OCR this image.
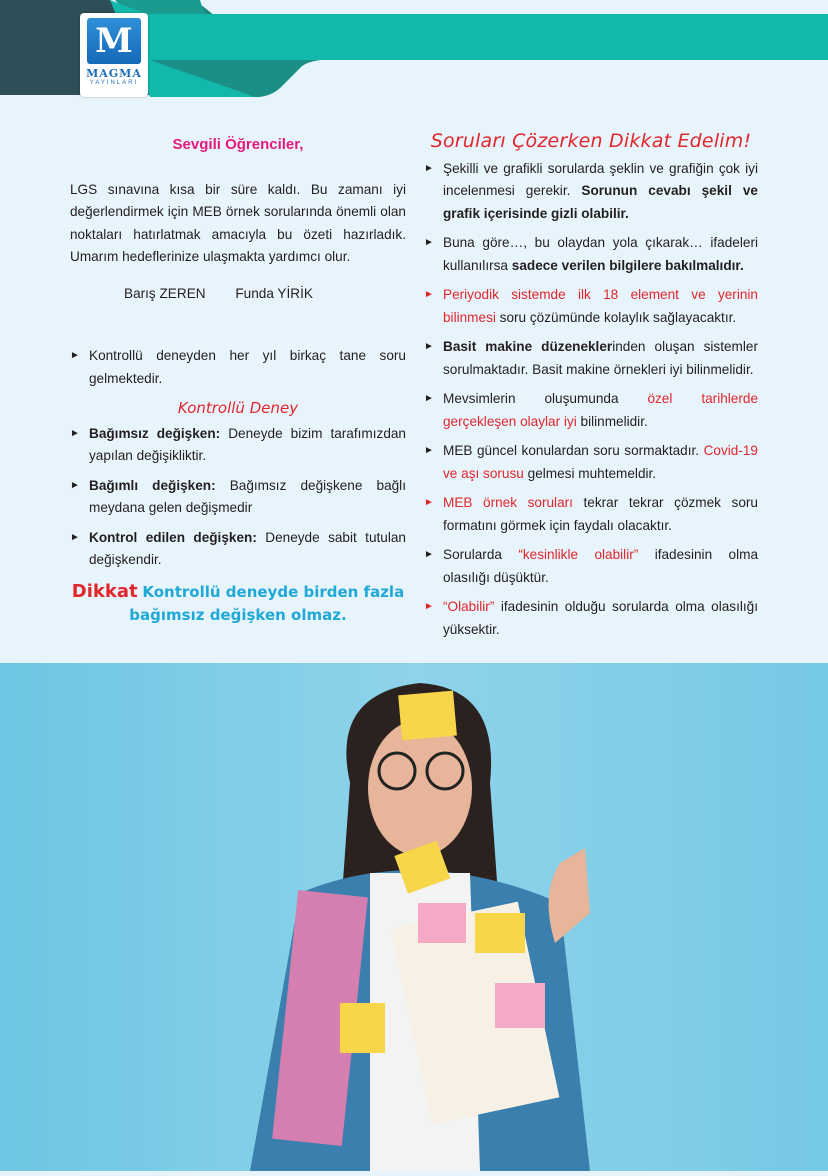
M
MAGMA
YAYINLARI
Sevgili Öğrenciler,

LGS sınavına kısa bir süre kaldı. Bu zamanı iyi değerlendirmek için MEB örnek sorularında önemli olan noktaları hatırlatmak amacıyla bu özeti hazırladık. Umarım hedeflerinize ulaşmakta yardımcı olur.

Barış ZEREN Funda YİRİK
► Kontrollü deneyden her yıl birkaç tane soru gelmektedir.
Kontrollü Deney
► Bağımsız değişken: Deneyde bizim tarafımızdan yapılan değişikliktir.
► Bağımlı değişken: Bağımsız değişkene bağlı meydana gelen değişmedir
► Kontrol edilen değişken: Deneyde sabit tutulan değişkendir.
Dikkat Kontrollü deneyde birden fazla bağımsız değişken olmaz.
Soruları Çözerken Dikkat Edelim!
► Şekilli ve grafikli sorularda şeklin ve grafiğin çok iyi incelenmesi gerekir. Sorunun cevabı şekil ve grafik içerisinde gizli olabilir.
► Buna göre…, bu olaydan yola çıkarak… ifadeleri kullanılırsa sadece verilen bilgilere bakılmalıdır.
► Periyodik sistemde ilk 18 element ve yerinin bilinmesi soru çözümünde kolaylık sağlayacaktır.
► Basit makine düzeneklerinden oluşan sistemler sorulmaktadır. Basit makine örnekleri iyi bilinmelidir.
► Mevsimlerin oluşumunda özel tarihlerde gerçekleşen olaylar iyi bilinmelidir.
► MEB güncel konulardan soru sormaktadır. Covid-19 ve aşı sorusu gelmesi muhtemeldir.
► MEB örnek soruları tekrar tekrar çözmek soru formatını görmek için faydalı olacaktır.
► Sorularda “kesinlikle olabilir” ifadesinin olma olasılığı düşüktür.
► “Olabilir” ifadesinin olduğu sorularda olma olasılığı yüksektir.
